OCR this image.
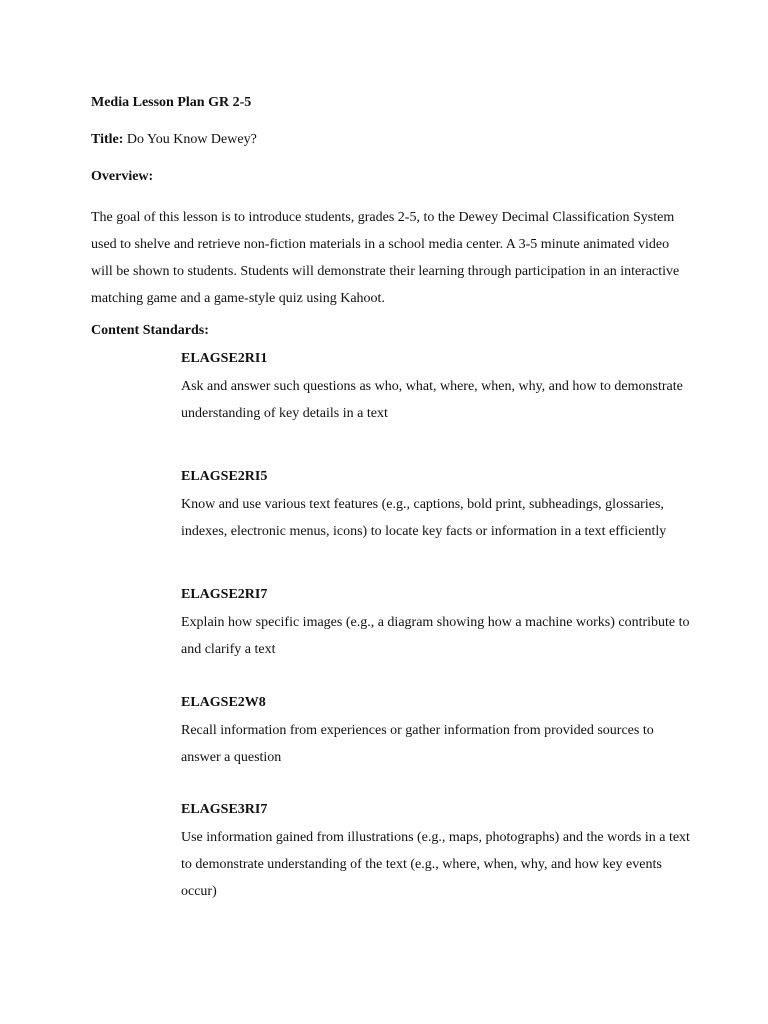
Media Lesson Plan GR 2-5
Title: Do You Know Dewey?
Overview:

The goal of this lesson is to introduce students, grades 2-5, to the Dewey Decimal Classification System used to shelve and retrieve non-fiction materials in a school media center. A 3-5 minute animated video will be shown to students. Students will demonstrate their learning through participation in an interactive matching game and a game-style quiz using Kahoot.

Content Standards:

ELAGSE2RI1

Ask and answer such questions as who, what, where, when, why, and how to demonstrate understanding of key details in a text

ELAGSE2RI5

Know and use various text features (e.g., captions, bold print, subheadings, glossaries, indexes, electronic menus, icons) to locate key facts or information in a text efficiently

ELAGSE2RI7

Explain how specific images (e.g., a diagram showing how a machine works) contribute to and clarify a text

ELAGSE2W8

Recall information from experiences or gather information from provided sources to answer a question

ELAGSE3RI7

Use information gained from illustrations (e.g., maps, photographs) and the words in a text to demonstrate understanding of the text (e.g., where, when, why, and how key events occur)
